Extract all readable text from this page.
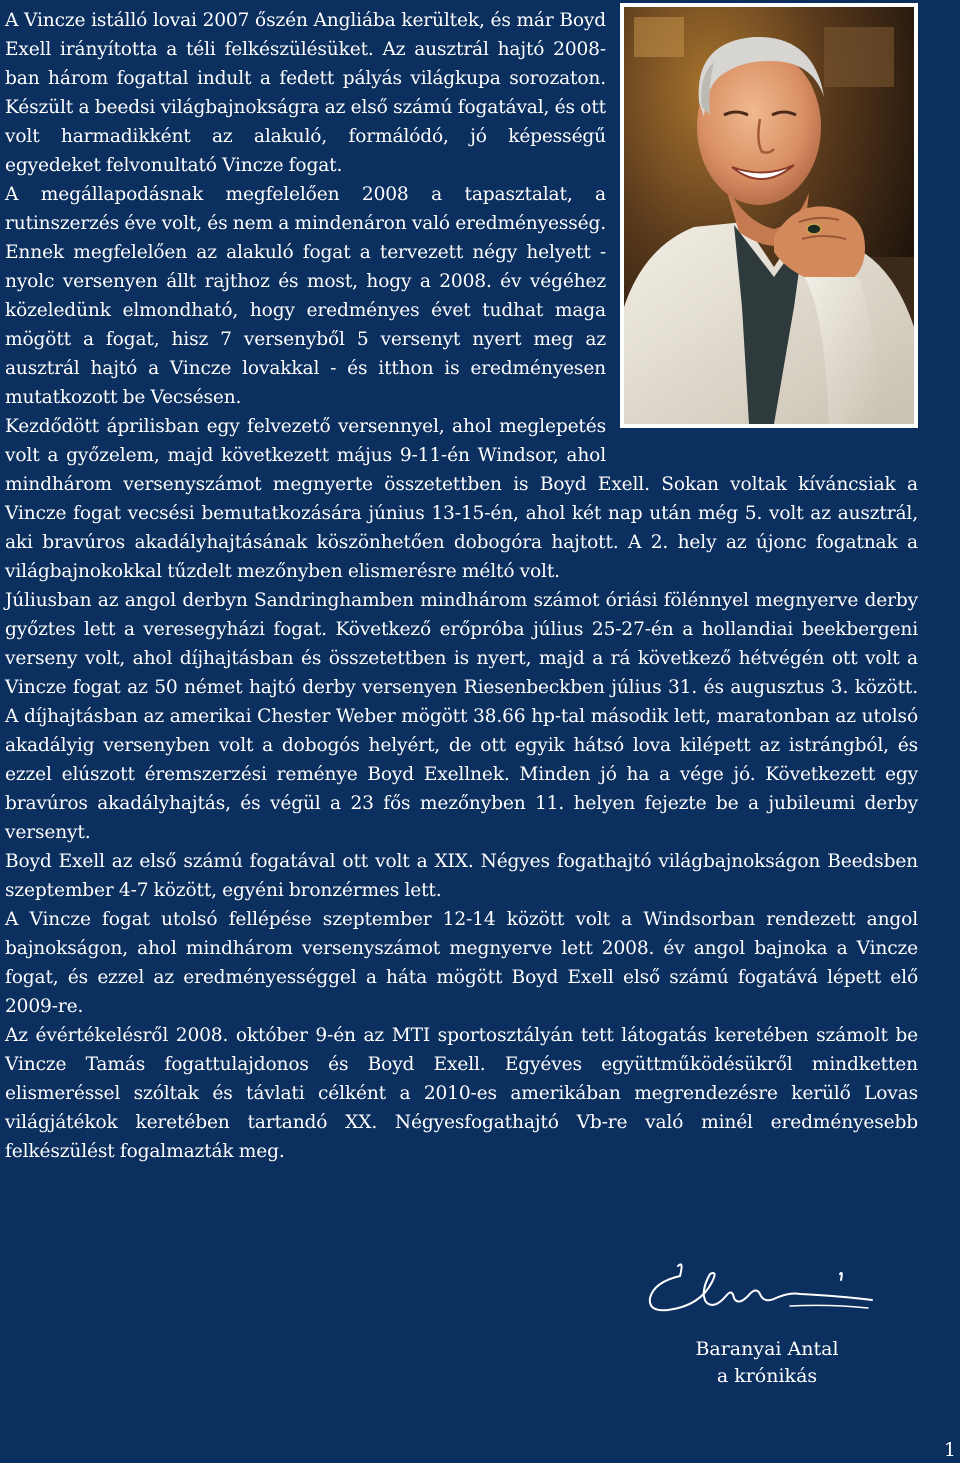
A Vincze istálló lovai 2007 őszén Angliába kerültek, és már Boyd Exell irányította a téli felkészülésüket. Az ausztrál hajtó 2008-ban három fogattal indult a fedett pályás világkupa sorozaton. Készült a beedsi világbajnokságra az első számú fogatával, és ott volt harmadikként az alakuló, formálódó, jó képességű egyedeket felvonultató Vincze fogat.

A megállapodásnak megfelelően 2008 a tapasztalat, a rutinszerzés éve volt, és nem a mindenáron való eredményesség. Ennek megfelelően az alakuló fogat a tervezett négy helyett - nyolc versenyen állt rajthoz és most, hogy a 2008. év végéhez közeledünk elmondható, hogy eredményes évet tudhat maga mögött a fogat, hisz 7 versenyből 5 versenyt nyert meg az ausztrál hajtó a Vincze lovakkal - és itthon is eredményesen mutatkozott be Vecsésen.

Kezdődött áprilisban egy felvezető versennyel, ahol meglepetés volt a győzelem, majd következett május 9-11-én Windsor, ahol mindhárom versenyszámot megnyerte összetettben is Boyd Exell. Sokan voltak kíváncsiak a Vincze fogat vecsési bemutatkozására június 13-15-én, ahol két nap után még 5. volt az ausztrál, aki bravúros akadályhajtásának köszönhetően dobogóra hajtott. A 2. hely az újonc fogatnak a világbajnokokkal tűzdelt mezőnyben elismerésre méltó volt.

Júliusban az angol derbyn Sandringhamben mindhárom számot óriási fölénnyel megnyerve derby győztes lett a veresegyházi fogat. Következő erőpróba július 25-27-én a hollandiai beekbergeni verseny volt, ahol díjhajtásban és összetettben is nyert, majd a rá következő hétvégén ott volt a Vincze fogat az 50 német hajtó derby versenyen Riesenbeckben július 31. és augusztus 3. között. A díjhajtásban az amerikai Chester Weber mögött 38.66 hp-tal második lett, maratonban az utolsó akadályig versenyben volt a dobogós helyért, de ott egyik hátsó lova kilépett az istrángból, és ezzel elúszott éremszerzési reménye Boyd Exellnek. Minden jó ha a vége jó. Következett egy bravúros akadályhajtás, és végül a 23 fős mezőnyben 11. helyen fejezte be a jubileumi derby versenyt.

Boyd Exell az első számú fogatával ott volt a XIX. Négyes fogathajtó világbajnokságon Beedsben szeptember 4-7 között, egyéni bronzérmes lett.

A Vincze fogat utolsó fellépése szeptember 12-14 között volt a Windsorban rendezett angol bajnokságon, ahol mindhárom versenyszámot megnyerve lett 2008. év angol bajnoka a Vincze fogat, és ezzel az eredményességgel a háta mögött Boyd Exell első számú fogatává lépett elő 2009-re.

Az évértékelésről 2008. október 9-én az MTI sportosztályán tett látogatás keretében számolt be Vincze Tamás fogattulajdonos és Boyd Exell. Egyéves együttműködésükről mindketten elismeréssel szóltak és távlati célként a 2010-es amerikában megrendezésre kerülő Lovas világjátékok keretében tartandó XX. Négyesfogathajtó Vb-re való minél eredményesebb felkészülést fogalmazták meg.

Baranyai Antal
a krónikás
1
